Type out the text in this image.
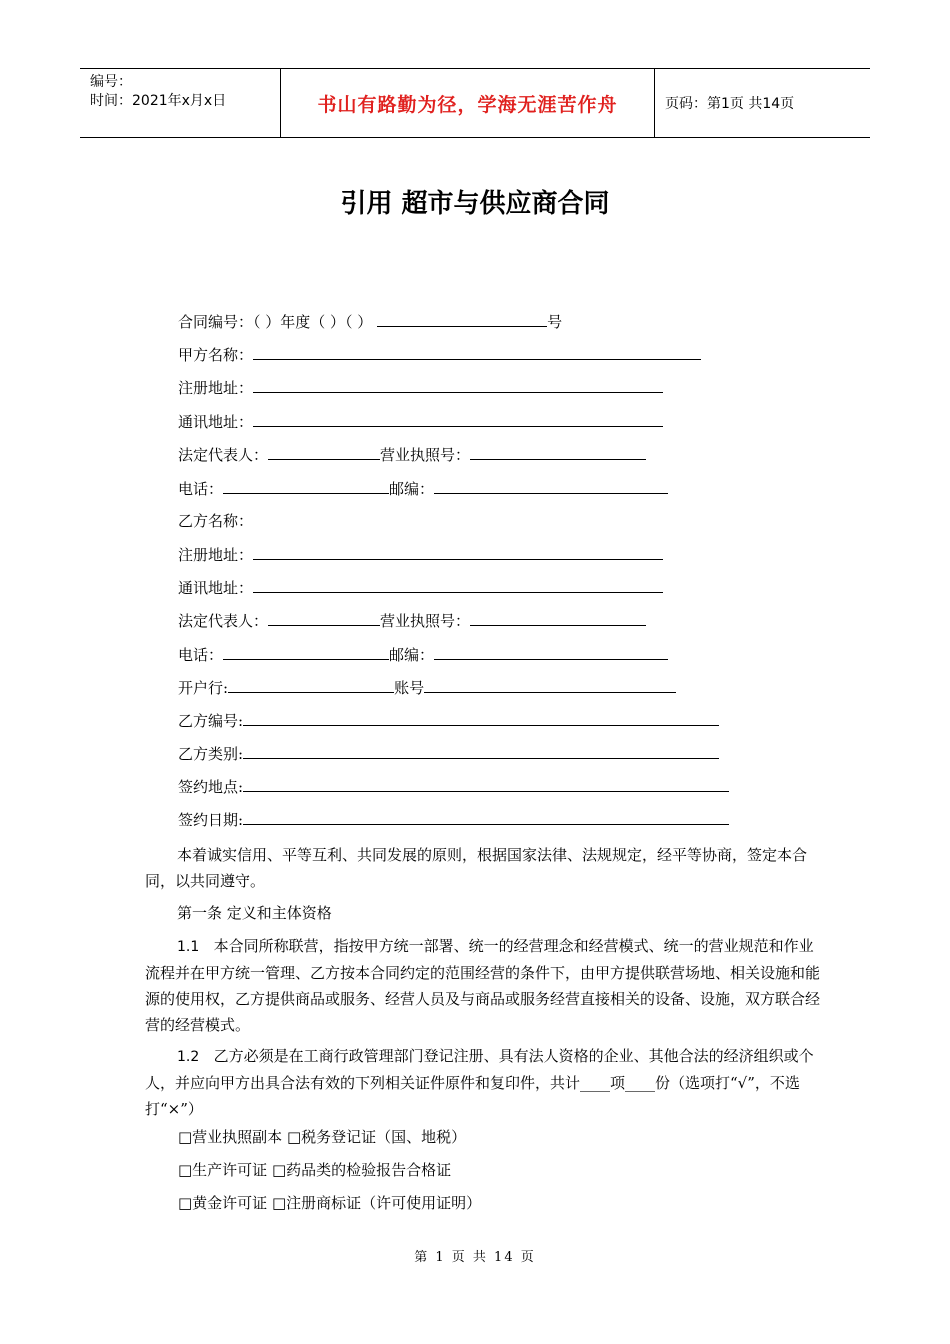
编号：
时间：2021年x月x日	书山有路勤为径，学海无涯苦作舟	页码：第1页 共14页
引用 超市与供应商合同
合同编号：（ ）年度（ ）（ ）	号
甲方名称：
注册地址：
通讯地址：
法定代表人：	营业执照号：
电话：	邮编：
乙方名称：
注册地址：
通讯地址：
法定代表人：	营业执照号：
电话：	邮编：
开户行:	账号
乙方编号:
乙方类别:
签约地点:
签约日期:
本着诚实信用、平等互利、共同发展的原则，根据国家法律、法规规定，经平等协商，签定本合同，以共同遵守。
第一条 定义和主体资格
1.1 本合同所称联营，指按甲方统一部署、统一的经营理念和经营模式、统一的营业规范和作业流程并在甲方统一管理、乙方按本合同约定的范围经营的条件下，由甲方提供联营场地、相关设施和能源的使用权，乙方提供商品或服务、经营人员及与商品或服务经营直接相关的设备、设施，双方联合经营的经营模式。
1.2 乙方必须是在工商行政管理部门登记注册、具有法人资格的企业、其他合法的经济组织或个人，并应向甲方出具合法有效的下列相关证件原件和复印件，共计____项____份（选项打“√”，不选打“×”）
□营业执照副本 □税务登记证（国、地税）
□生产许可证 □药品类的检验报告合格证
□黄金许可证 □注册商标证（许可使用证明）
第 1 页 共 14 页
